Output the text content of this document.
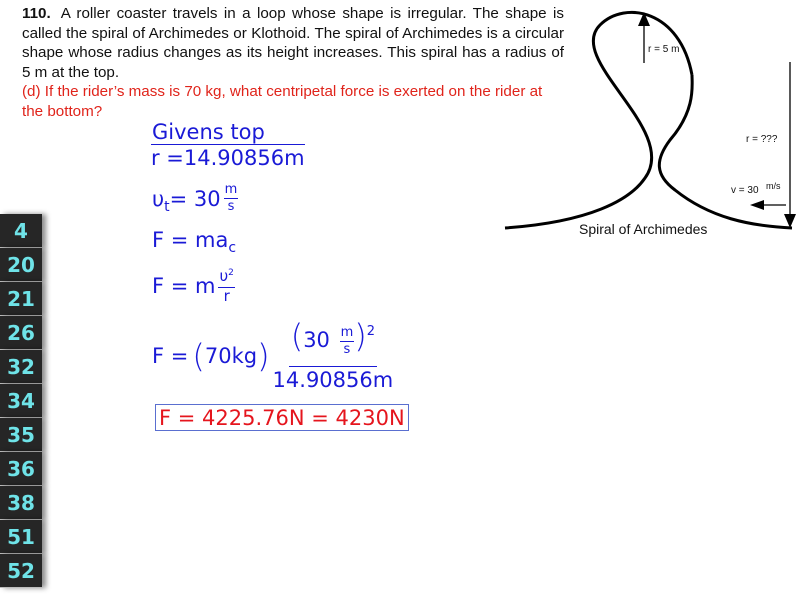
110. A roller coaster travels in a loop whose shape is irregular. The shape is called the spiral of Archimedes or Klothoid. The spiral of Archimedes is a circular shape whose radius changes as its height increases. This spiral has a radius of 5 m at the top.
(d) If the rider’s mass is 70 kg, what centripetal force is exerted on the rider at the bottom?
Givens top
r =14.90856m
υ $t = 30 \frac{m}{s}$
F = ma c
F = m $\frac{\upsilon^2}{r}$
F = ( 70kg ) $\frac{(30 \frac{m}{s} )^2}{14.90856m}$
F = 4225.76N = 4230N
r = 5 m
r = ???
v = 30 m/s
Spiral of Archimedes
4
20
21
26
32
34
35
36
38
51
52
